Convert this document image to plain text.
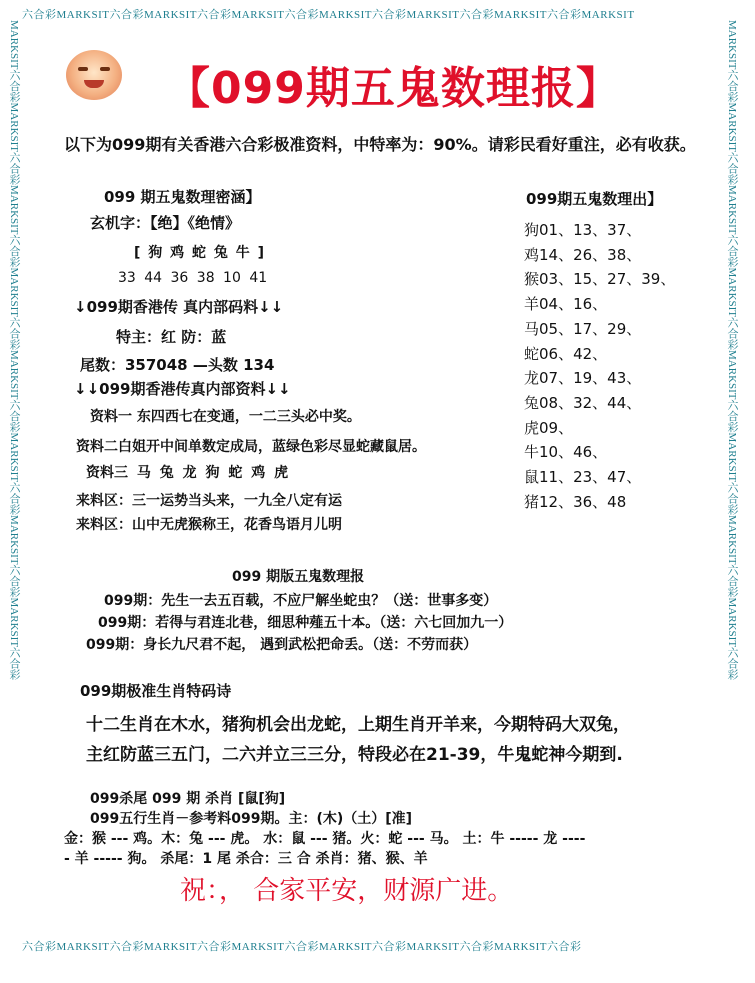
六合彩MARKSIT六合彩MARKSIT六合彩MARKSIT六合彩MARKSIT六合彩MARKSIT六合彩MARKSIT六合彩MARKSIT
六合彩MARKSIT六合彩MARKSIT六合彩MARKSIT六合彩MARKSIT六合彩MARKSIT六合彩MARKSIT六合彩
MARKSIT六合彩MARKSIT六合彩MARKSIT六合彩MARKSIT六合彩MARKSIT六合彩MARKSIT六合彩MARKSIT六合彩MARKSIT六合彩	MARKSIT六合彩MARKSIT六合彩MARKSIT六合彩MARKSIT六合彩MARKSIT六合彩MARKSIT六合彩MARKSIT六合彩MARKSIT六合彩
【099期五鬼数理报】
以下为099期有关香港六合彩极准资料，中特率为：90%。请彩民看好重注，必有收获。
099 期五鬼数理密涵】
玄机字：【绝】《绝情》
[ 狗 鸡 蛇 兔 牛 ]
33 44 36 38 10 41
↓099期香港传 真内部码料↓↓
特主：红 防：蓝
尾数：357048 —头数 134
↓↓099期香港传真内部资料↓↓
资料一 东四西七在变通，一二三头必中奖。
资料二白姐开中间单数定成局，蓝绿色彩尽显蛇藏鼠居。
资料三 马 兔 龙 狗 蛇 鸡 虎
来料区：三一运势当头来，一九全八定有运
来料区：山中无虎猴称王，花香鸟语月儿明
099期五鬼数理出】
狗01、13、37、
鸡14、26、38、
猴03、15、27、39、
羊04、16、
马05、17、29、
蛇06、42、
龙07、19、43、
兔08、32、44、
虎09、
牛10、46、
鼠11、23、47、
猪12、36、48
099 期版五鬼数理报
099期：先生一去五百载，不应尸解坐蛇虫？（送：世事多变）
099期：若得与君连北巷，细思种薤五十本。（送：六七回加九一）
099期：身长九尺君不起， 遇到武松把命丢。（送：不劳而获）
099期极准生肖特码诗
十二生肖在木水，猪狗机会出龙蛇，上期生肖开羊来，今期特码大双兔，
主红防蓝三五门，二六并立三三分，特段必在21-39，牛鬼蛇神今期到.
099杀尾 099 期 杀肖 [鼠[狗]
099五行生肖－参考料099期。主：(木)（土）[准]
金：猴 --- 鸡。木：兔 --- 虎。 水：鼠 --- 猪。火：蛇 --- 马。 土：牛 ----- 龙 ----
- 羊 ----- 狗。 杀尾：1 尾 杀合：三 合 杀肖：猪、猴、羊
祝：， 合家平安，财源广进。
